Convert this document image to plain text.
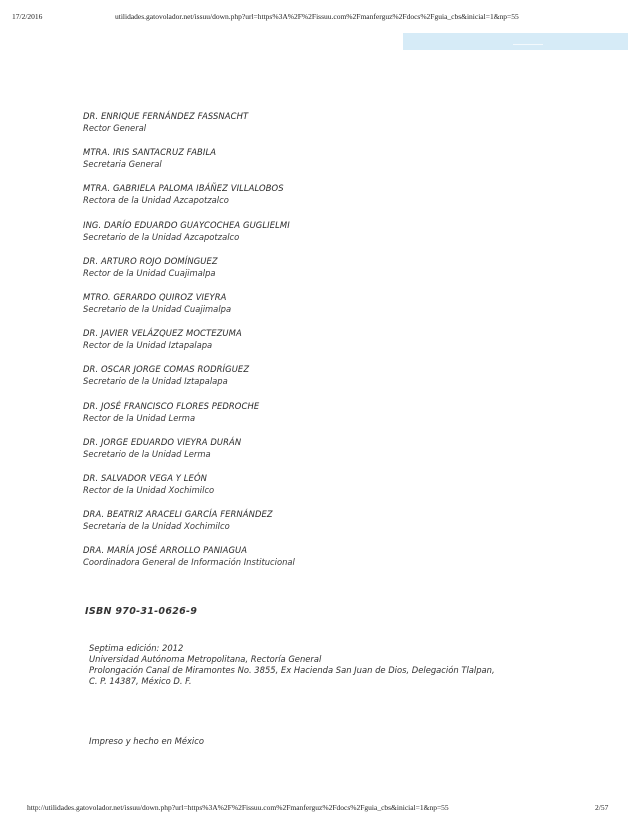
17/2/2016	utilidades.gatovolador.net/issuu/down.php?url=https%3A%2F%2Fissuu.com%2Fmanferguz%2Fdocs%2Fguia_cbs&inicial=1&np=55
DR. ENRIQUE FERNÁNDEZ FASSNACHT
Rector General
MTRA. IRIS SANTACRUZ FABILA
Secretaria General
MTRA. GABRIELA PALOMA IBÁÑEZ VILLALOBOS
Rectora de la Unidad Azcapotzalco
ING. DARÍO EDUARDO GUAYCOCHEA GUGLIELMI
Secretario de la Unidad Azcapotzalco
DR. ARTURO ROJO DOMÍNGUEZ
Rector de la Unidad Cuajimalpa
MTRO. GERARDO QUIROZ VIEYRA
Secretario de la Unidad Cuajimalpa
DR. JAVIER VELÁZQUEZ MOCTEZUMA
Rector de la Unidad Iztapalapa
DR. OSCAR JORGE COMAS RODRÍGUEZ
Secretario de la Unidad Iztapalapa
DR. JOSÉ FRANCISCO FLORES PEDROCHE
Rector de la Unidad Lerma
DR. JORGE EDUARDO VIEYRA DURÁN
Secretario de la Unidad Lerma
DR. SALVADOR VEGA Y LEÓN
Rector de la Unidad Xochimilco
DRA. BEATRIZ ARACELI GARCÍA FERNÁNDEZ
Secretaria de la Unidad Xochimilco
DRA. MARÍA JOSÉ ARROLLO PANIAGUA
Coordinadora General de Información Institucional
ISBN 970-31-0626-9
Septima edición: 2012
Universidad Autónoma Metropolitana, Rectoría General
Prolongación Canal de Miramontes No. 3855, Ex Hacienda San Juan de Dios, Delegación Tlalpan,
C. P. 14387, México D. F.
Impreso y hecho en México
http://utilidades.gatovolador.net/issuu/down.php?url=https%3A%2F%2Fissuu.com%2Fmanferguz%2Fdocs%2Fguia_cbs&inicial=1&np=55	2/57
